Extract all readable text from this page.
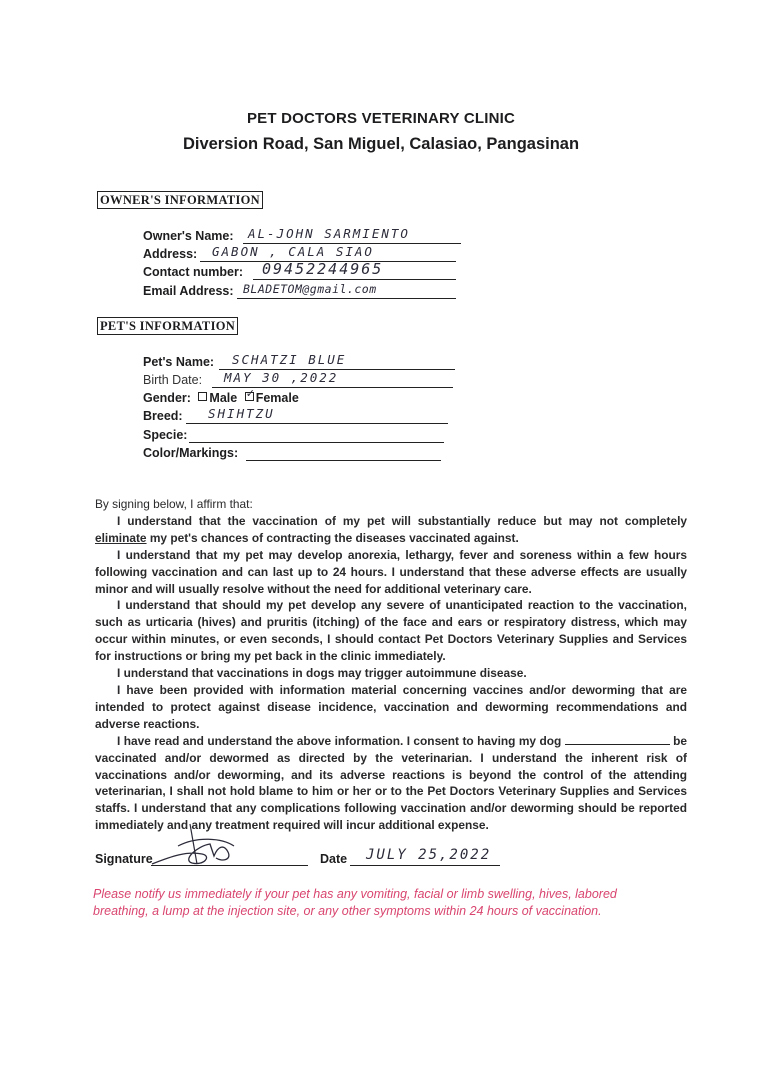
PET DOCTORS VETERINARY CLINIC
Diversion Road, San Miguel, Calasiao, Pangasinan
OWNER'S INFORMATION
Owner's Name: AL-JOHN SARMIENTO
Address: GABON , CALA SIAO
Contact number: 09452244965
Email Address: BLADETOM@gmail.com
PET'S INFORMATION
Pet's Name: SCHATZI BLUE
Birth Date: MAY 30 ,2022
Gender: Male ✓ Female
Breed: SHIHTZU
Specie:
Color/Markings:

By signing below, I affirm that:

I understand that the vaccination of my pet will substantially reduce but may not completely eliminate my pet's chances of contracting the diseases vaccinated against.

I understand that my pet may develop anorexia, lethargy, fever and soreness within a few hours following vaccination and can last up to 24 hours. I understand that these adverse effects are usually minor and will usually resolve without the need for additional veterinary care.

I understand that should my pet develop any severe of unanticipated reaction to the vaccination, such as urticaria (hives) and pruritis (itching) of the face and ears or respiratory distress, which may occur within minutes, or even seconds, I should contact Pet Doctors Veterinary Supplies and Services for instructions or bring my pet back in the clinic immediately.

I understand that vaccinations in dogs may trigger autoimmune disease.

I have been provided with information material concerning vaccines and/or deworming that are intended to protect against disease incidence, vaccination and deworming recommendations and adverse reactions.

I have read and understand the above information. I consent to having my dog	be vaccinated and/or dewormed as directed by the veterinarian. I understand the inherent risk of vaccinations and/or deworming, and its adverse reactions is beyond the control of the attending veterinarian, I shall not hold blame to him or her or to the Pet Doctors Veterinary Supplies and Services staffs. I understand that any complications following vaccination and/or deworming should be reported immediately and any treatment required will incur additional expense.

Signature	Date JULY 25,2022
Please notify us immediately if your pet has any vomiting, facial or limb swelling, hives, labored breathing, a lump at the injection site, or any other symptoms within 24 hours of vaccination.
